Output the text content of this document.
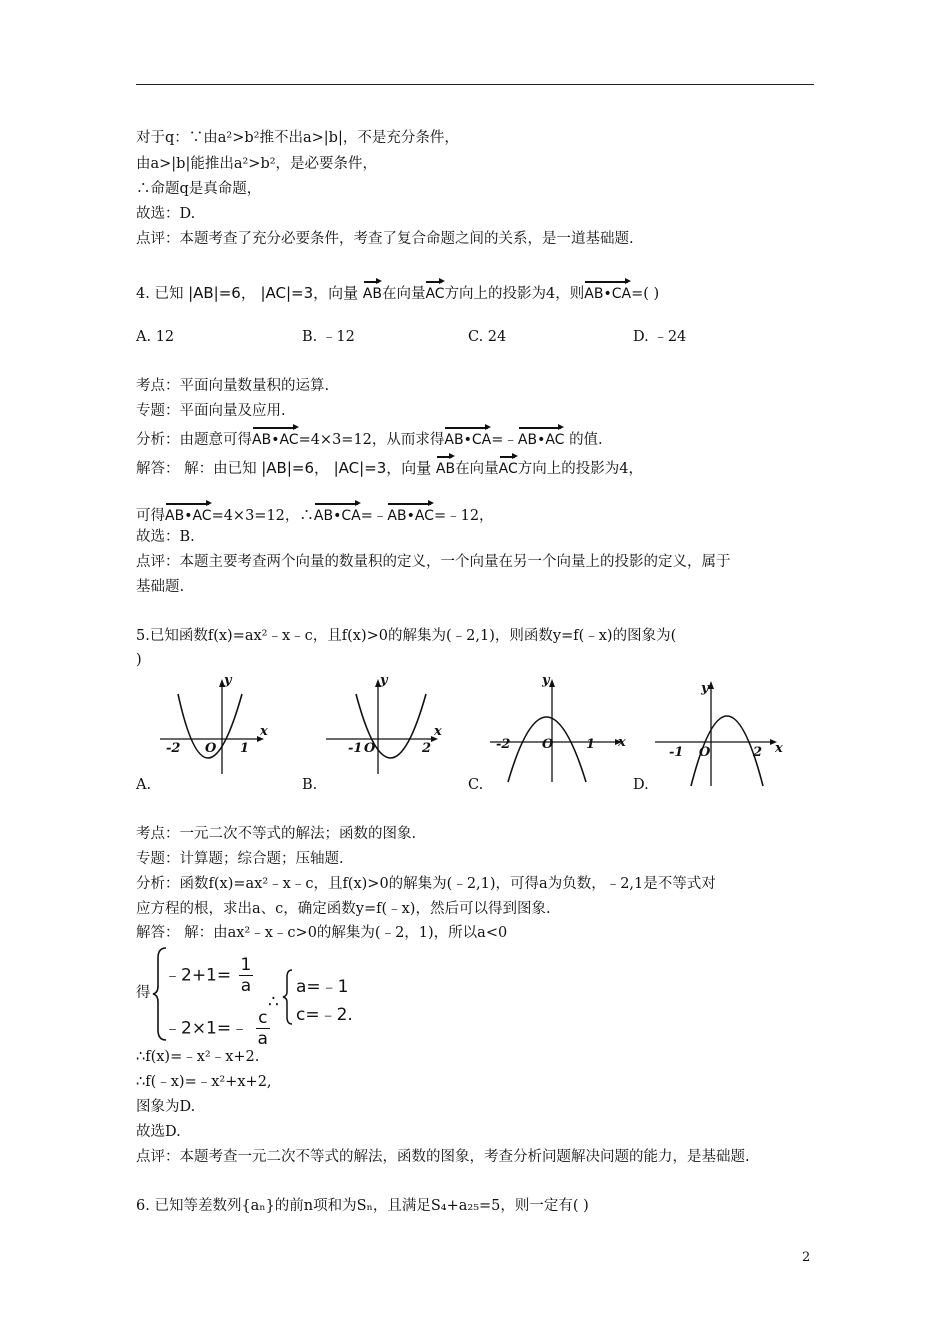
对于q：∵由a²>b²推不出a>|b|，不是充分条件，
由a>|b|能推出a²>b²，是必要条件，
∴命题q是真命题，
故选：D.
点评：本题考查了充分必要条件，考查了复合命题之间的关系，是一道基础题.
4. 已知 |AB|=6， |AC|=3，向量 AB在向量AC方向上的投影为4，则AB•CA=( )
A. 12	B. ﹣12	C. 24	D. ﹣24
考点：平面向量数量积的运算.
专题：平面向量及应用.
分析：由题意可得AB•AC=4×3=12，从而求得AB•CA=﹣AB•AC 的值.
解答： 解：由已知 |AB|=6， |AC|=3，向量 AB在向量AC方向上的投影为4，
可得AB•AC=4×3=12，∴AB•CA=﹣AB•AC=﹣12，
故选：B.
点评：本题主要考查两个向量的数量积的定义，一个向量在另一个向量上的投影的定义，属于
基础题.
5.已知函数f(x)=ax²﹣x﹣c，且f(x)>0的解集为(﹣2,1)，则函数y=f(﹣x)的图象为(
)
y
x
-2 O 1
y
x
-1 O	2
y
x
-2 O	1
y
x
-1 O	2
A.	B.	C.	D.
考点：一元二次不等式的解法；函数的图象.
专题：计算题；综合题；压轴题.
分析：函数f(x)=ax²﹣x﹣c，且f(x)>0的解集为(﹣2,1)，可得a为负数，﹣2,1是不等式对
应方程的根，求出a、c，确定函数y=f(﹣x)，然后可以得到图象.
解答： 解：由ax²﹣x﹣c>0的解集为(﹣2，1)，所以a<0
得
﹣2+1= $\frac{1}{a}$
﹣2×1=﹣ $\frac{c}{a}$
∴
a=﹣1
c=﹣2.
∴f(x)=﹣x²﹣x+2.
∴f(﹣x)=﹣x²+x+2,
图象为D.
故选D.
点评：本题考查一元二次不等式的解法，函数的图象，考查分析问题解决问题的能力，是基础题.
6. 已知等差数列{aₙ}的前n项和为Sₙ，且满足S₄+a₂₅=5，则一定有( )
2
